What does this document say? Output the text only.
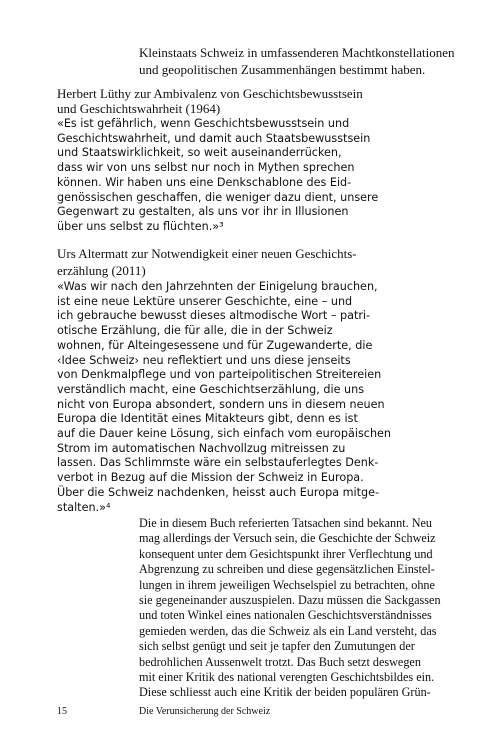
Kleinstaats Schweiz in umfassenderen Machtkonstellationen
und geopolitischen Zusammenhängen bestimmt haben.
Herbert Lüthy zur Ambivalenz von Geschichtsbewusstsein
und Geschichtswahrheit (1964)
«Es ist gefährlich, wenn Geschichtsbewusstsein und
Geschichtswahrheit, und damit auch Staatsbewusstsein
und Staatswirklichkeit, so weit auseinanderrücken,
dass wir von uns selbst nur noch in Mythen sprechen
können. Wir haben uns eine Denkschablone des Eid-
genössischen geschaffen, die weniger dazu dient, unsere
Gegenwart zu gestalten, als uns vor ihr in Illusionen
über uns selbst zu flüchten.»³
Urs Altermatt zur Notwendigkeit einer neuen Geschichts-
erzählung (2011)
«Was wir nach den Jahrzehnten der Einigelung brauchen,
ist eine neue Lektüre unserer Geschichte, eine – und
ich gebrauche bewusst dieses altmodische Wort – patri-
otische Erzählung, die für alle, die in der Schweiz
wohnen, für Alteingesessene und für Zugewanderte, die
‹Idee Schweiz› neu reflektiert und uns diese jenseits
von Denkmalpflege und von parteipolitischen Streitereien
verständlich macht, eine Geschichtserzählung, die uns
nicht von Europa absondert, sondern uns in diesem neuen
Europa die Identität eines Mitakteurs gibt, denn es ist
auf die Dauer keine Lösung, sich einfach vom europäischen
Strom im automatischen Nachvollzug mitreissen zu
lassen. Das Schlimmste wäre ein selbstauferlegtes Denk-
verbot in Bezug auf die Mission der Schweiz in Europa.
Über die Schweiz nachdenken, heisst auch Europa mitge-
stalten.»⁴
Die in diesem Buch referierten Tatsachen sind bekannt. Neu
mag allerdings der Versuch sein, die Geschichte der Schweiz
konsequent unter dem Gesichtspunkt ihrer Verflechtung und
Abgrenzung zu schreiben und diese gegensätzlichen Einstel-
lungen in ihrem jeweiligen Wechselspiel zu betrachten, ohne
sie gegeneinander auszuspielen. Dazu müssen die Sackgassen
und toten Winkel eines nationalen Geschichtsverständnisses
gemieden werden, das die Schweiz als ein Land versteht, das
sich selbst genügt und seit je tapfer den Zumutungen der
bedrohlichen Aussenwelt trotzt. Das Buch setzt deswegen
mit einer Kritik des national verengten Geschichtsbildes ein.
Diese schliesst auch eine Kritik der beiden populären Grün-
15	Die Verunsicherung der Schweiz
